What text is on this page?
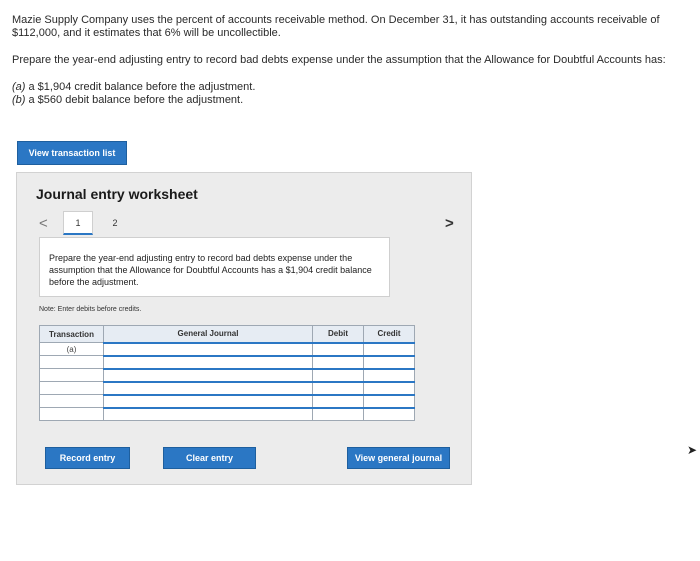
Mazie Supply Company uses the percent of accounts receivable method. On December 31, it has outstanding accounts receivable of $112,000, and it estimates that 6% will be uncollectible.

Prepare the year-end adjusting entry to record bad debts expense under the assumption that the Allowance for Doubtful Accounts has:

(a) a $1,904 credit balance before the adjustment.
(b) a $560 debit balance before the adjustment.

View transaction list
Journal entry worksheet
<	1	2	>
Prepare the year-end adjusting entry to record bad debts expense under the assumption that the Allowance for Doubtful Accounts has a $1,904 credit balance before the adjustment.
Note: Enter debits before credits.
Transaction	General Journal	Debit	Credit
(a)			

Record entry	Clear entry	View general journal
➤
